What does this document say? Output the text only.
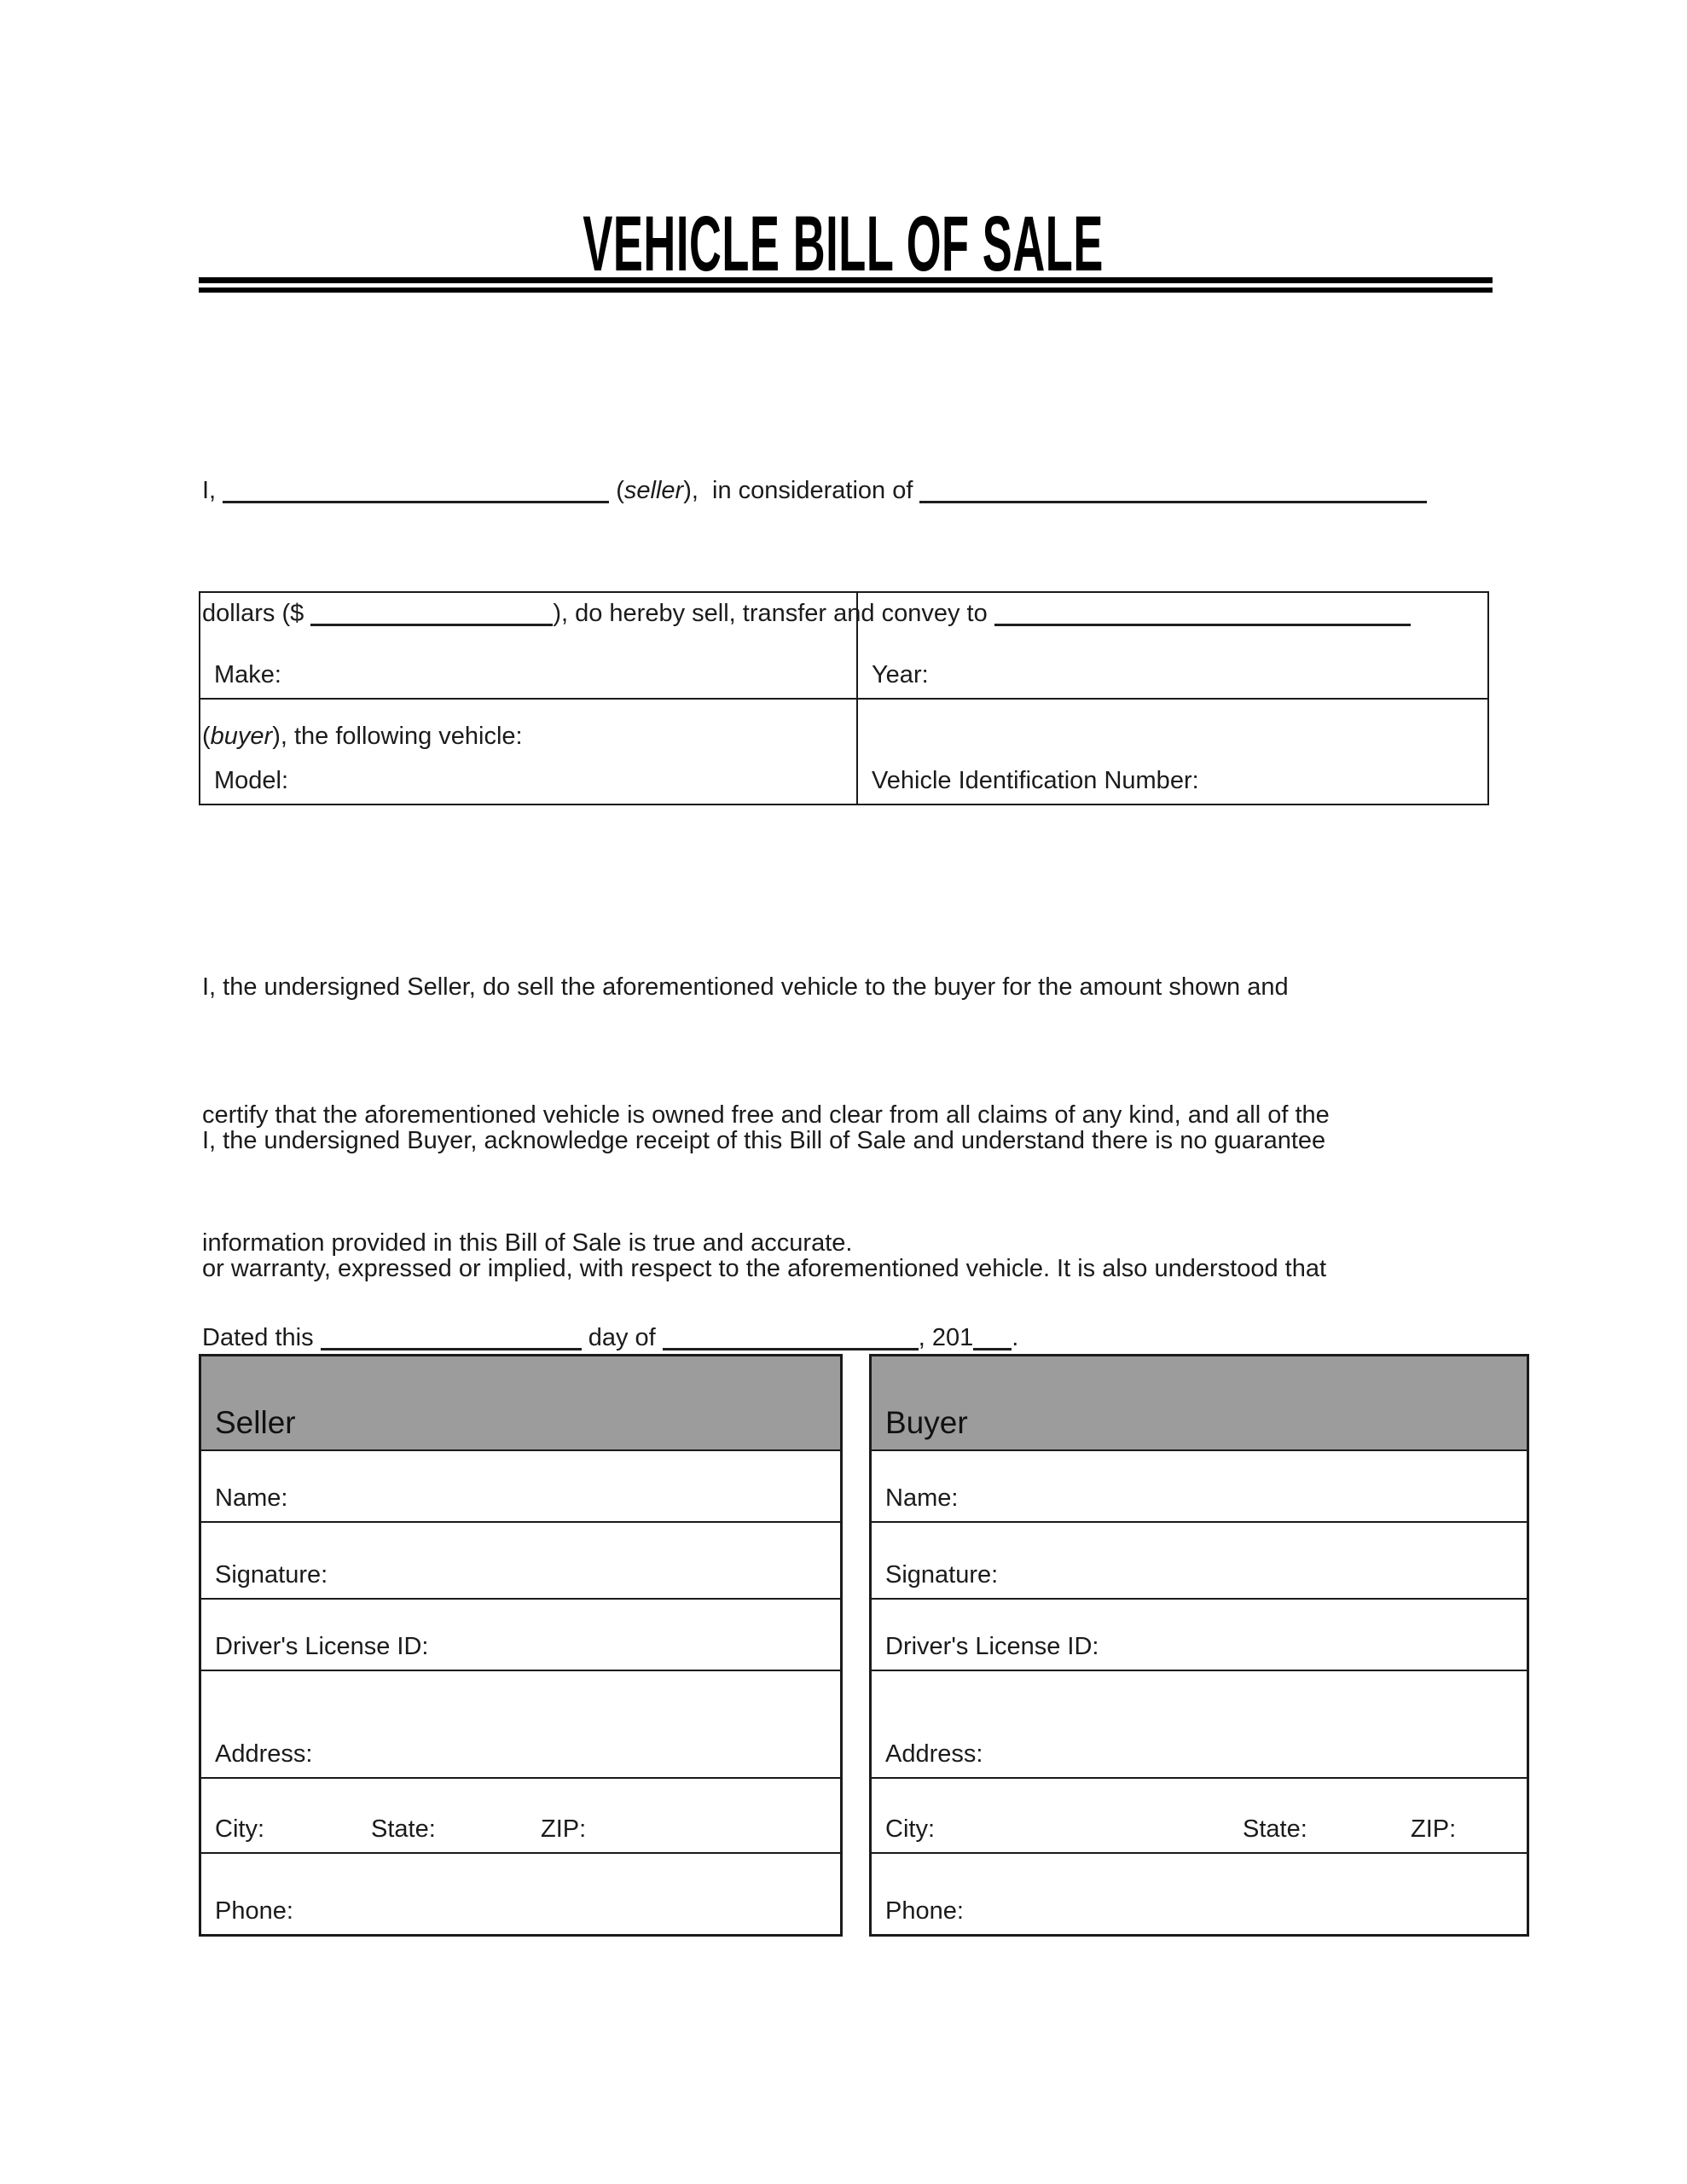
VEHICLE BILL OF SALE

I,	(seller),  in consideration of

dollars ($	), do hereby sell, transfer and convey to

(buyer), the following vehicle:

Make:	Year:
Model:	Vehicle Identification Number:

I, the undersigned Seller, do sell the aforementioned vehicle to the buyer for the amount shown and

certify that the aforementioned vehicle is owned free and clear from all claims of any kind, and all of the

information provided in this Bill of Sale is true and accurate.

I, the undersigned Buyer, acknowledge receipt of this Bill of Sale and understand there is no guarantee

or warranty, expressed or implied, with respect to the aforementioned vehicle. It is also understood that

Dated this	day of	, 201 .

Seller
Name:
Signature:
Driver's License ID:
Address:
City:	State:	ZIP:
Phone:
Buyer
Name:
Signature:
Driver's License ID:
Address:
City:	State:	ZIP:
Phone:
